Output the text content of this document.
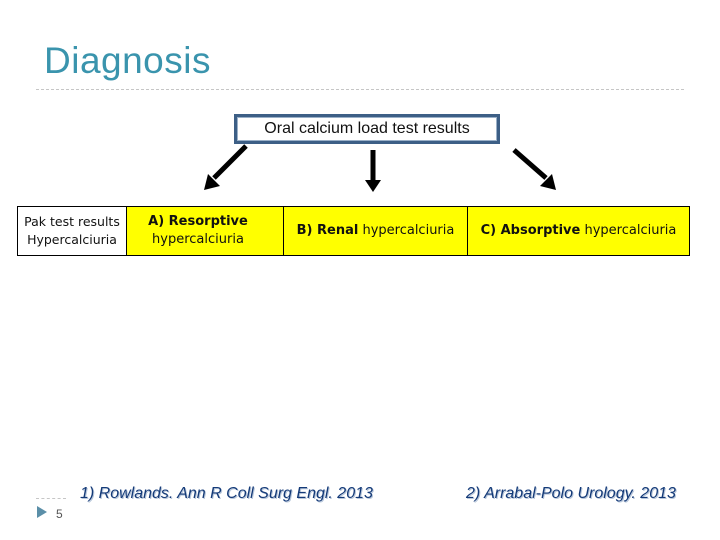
Diagnosis
Oral calcium load test results
Pak test results Hypercalciuria
A) Resorptive hypercalciuria
B) Renal hypercalciuria C) Absorptive hypercalciuria
1) Rowlands. Ann R Coll Surg Engl. 2013	2) Arrabal-Polo Urology. 2013
5
